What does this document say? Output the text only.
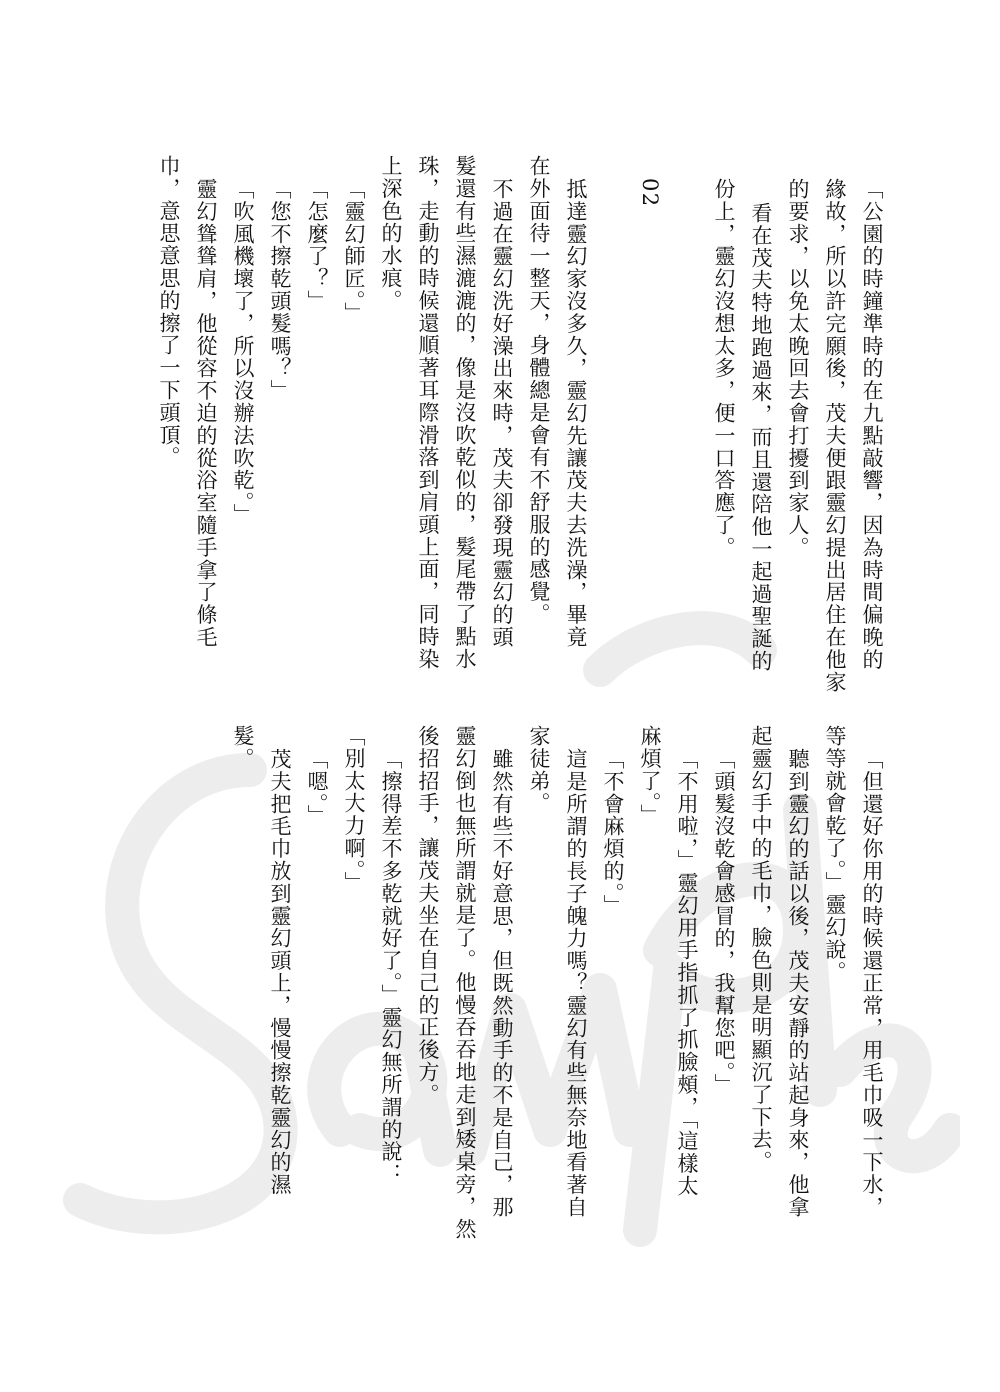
「公園的時鐘準時的在九點敲響，因為時間偏晚的
緣故，所以許完願後，茂夫便跟靈幻提出居住在他家
的要求，以免太晚回去會打擾到家人。
看在茂夫特地跑過來，而且還陪他一起過聖誕的
份上，靈幻沒想太多，便一口答應了。
02
抵達靈幻家沒多久，靈幻先讓茂夫去洗澡，畢竟
在外面待一整天，身體總是會有不舒服的感覺。
不過在靈幻洗好澡出來時，茂夫卻發現靈幻的頭
髮還有些濕漉漉的，像是沒吹乾似的，髮尾帶了點水
珠，走動的時候還順著耳際滑落到肩頭上面，同時染
上深色的水痕。
「靈幻師匠。」
「怎麼了？」
「您不擦乾頭髮嗎？」
「吹風機壞了，所以沒辦法吹乾。」
靈幻聳聳肩，他從容不迫的從浴室隨手拿了條毛
巾，意思意思的擦了一下頭頂。
「但還好你用的時候還正常，用毛巾吸一下水，
等等就會乾了。」靈幻說。
聽到靈幻的話以後，茂夫安靜的站起身來，他拿
起靈幻手中的毛巾，臉色則是明顯沉了下去。
「頭髮沒乾會感冒的，我幫您吧。」
「不用啦，」靈幻用手指抓了抓臉頰，「這樣太
麻煩了。」
「不會麻煩的。」
這是所謂的長子魄力嗎？靈幻有些無奈地看著自
家徒弟。
雖然有些不好意思，但既然動手的不是自己，那
靈幻倒也無所謂就是了。他慢吞吞地走到矮桌旁，然
後招招手，讓茂夫坐在自己的正後方。
「擦得差不多乾就好了。」靈幻無所謂的說：
「別太大力啊。」
「嗯。」
茂夫把毛巾放到靈幻頭上，慢慢擦乾靈幻的濕
髮。
